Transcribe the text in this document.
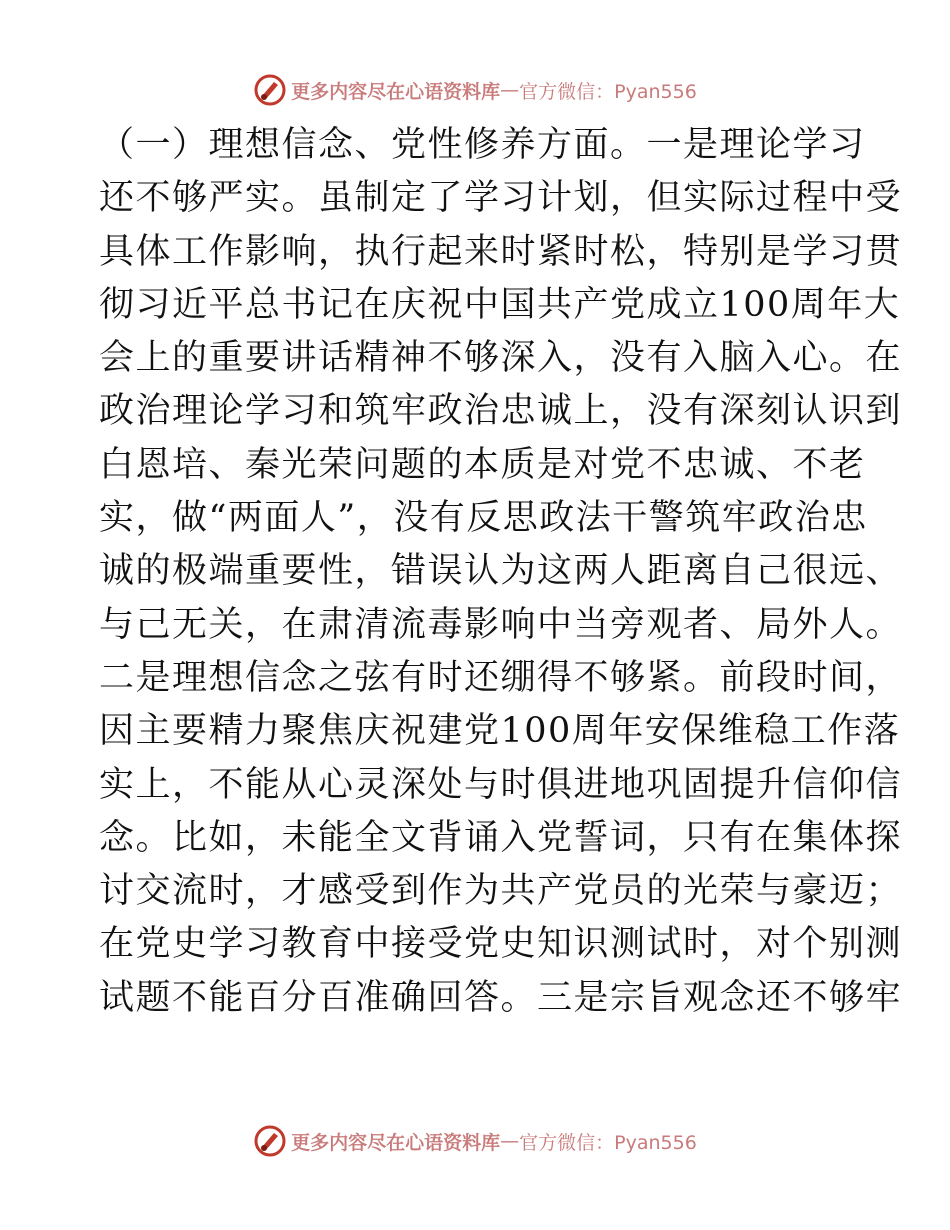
更多内容尽在心语资料库 — 官方微信：Pyan556
（一）理想信念、党性修养方面。一是理论学习
还不够严实。虽制定了学习计划，但实际过程中受
具体工作影响，执行起来时紧时松，特别是学习贯
彻习近平总书记在庆祝中国共产党成立100周年大
会上的重要讲话精神不够深入，没有入脑入心。在
政治理论学习和筑牢政治忠诚上，没有深刻认识到
白恩培、秦光荣问题的本质是对党不忠诚、不老
实，做“两面人”，没有反思政法干警筑牢政治忠
诚的极端重要性，错误认为这两人距离自己很远、
与己无关，在肃清流毒影响中当旁观者、局外人。
二是理想信念之弦有时还绷得不够紧。前段时间，
因主要精力聚焦庆祝建党100周年安保维稳工作落
实上，不能从心灵深处与时俱进地巩固提升信仰信
念。比如，未能全文背诵入党誓词，只有在集体探
讨交流时，才感受到作为共产党员的光荣与豪迈；
在党史学习教育中接受党史知识测试时，对个别测
试题不能百分百准确回答。三是宗旨观念还不够牢
更多内容尽在心语资料库 — 官方微信：Pyan556
